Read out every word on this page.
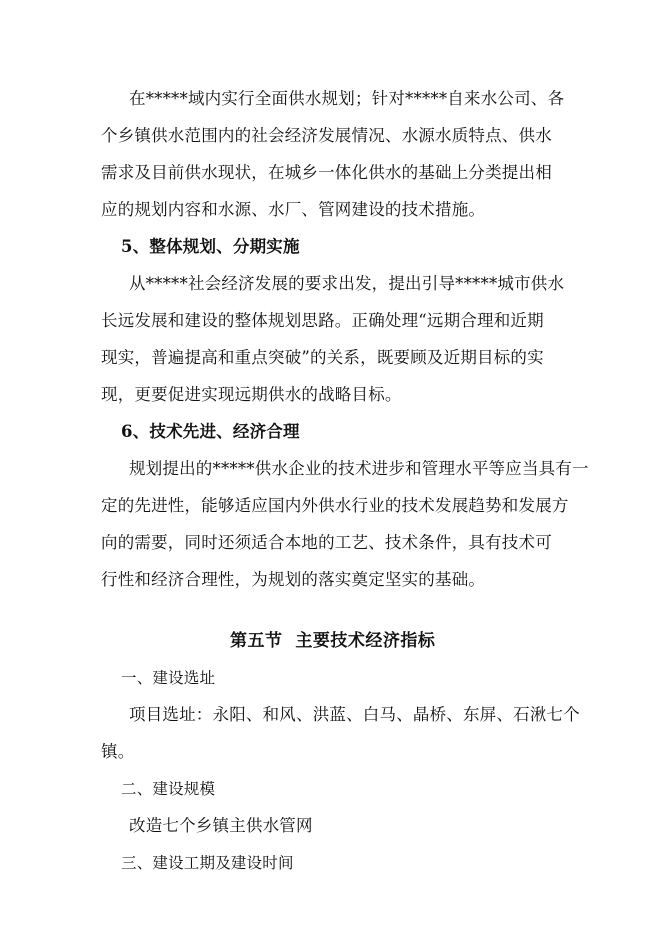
在*****域内实行全面供水规划；针对*****自来水公司、各
个乡镇供水范围内的社会经济发展情况、水源水质特点、供水
需求及目前供水现状，在城乡一体化供水的基础上分类提出相
应的规划内容和水源、水厂、管网建设的技术措施。
5、整体规划、分期实施
从*****社会经济发展的要求出发，提出引导*****城市供水
长远发展和建设的整体规划思路。正确处理“远期合理和近期
现实，普遍提高和重点突破”的关系，既要顾及近期目标的实
现，更要促进实现远期供水的战略目标。
6、技术先进、经济合理
规划提出的*****供水企业的技术进步和管理水平等应当具有一
定的先进性，能够适应国内外供水行业的技术发展趋势和发展方
向的需要，同时还须适合本地的工艺、技术条件，具有技术可
行性和经济合理性，为规划的落实奠定坚实的基础。
第五节  主要技术经济指标
一、建设选址
项目选址：永阳、和风、洪蓝、白马、晶桥、东屏、石湫七个
镇。
二、建设规模
改造七个乡镇主供水管网
三、建设工期及建设时间
